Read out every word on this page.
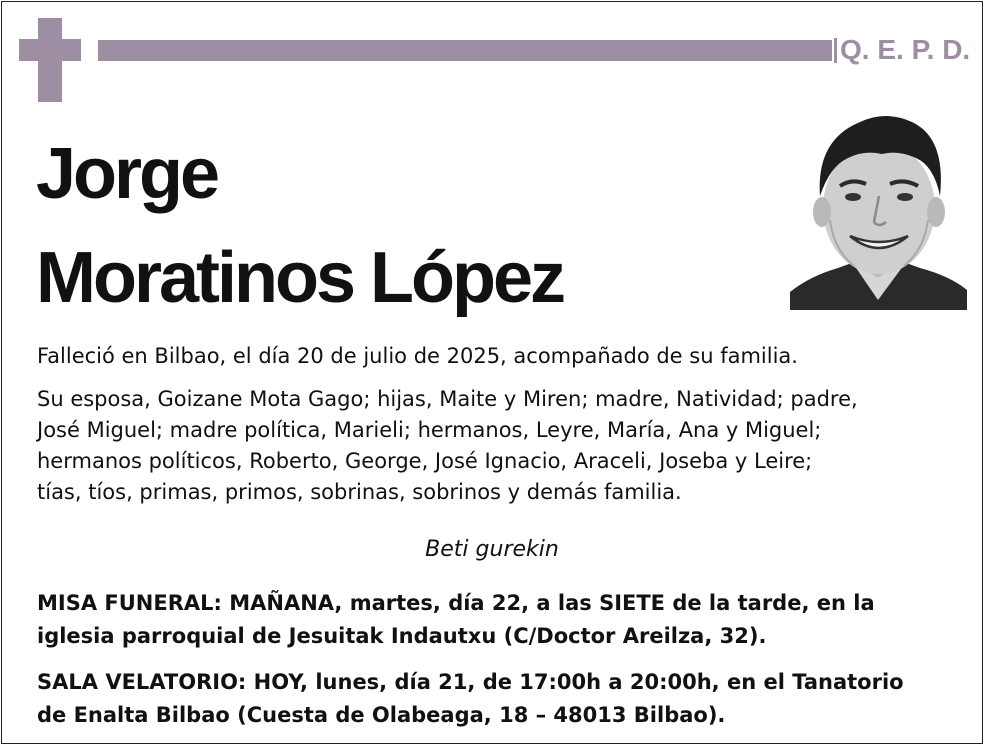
Q. E. P. D.
Jorge
Moratinos López

Falleció en Bilbao, el día 20 de julio de 2025, acompañado de su familia.

Su esposa, Goizane Mota Gago; hijas, Maite y Miren; madre, Natividad; padre,
José Miguel; madre política, Marieli; hermanos, Leyre, María, Ana y Miguel;
hermanos políticos, Roberto, George, José Ignacio, Araceli, Joseba y Leire;
tías, tíos, primas, primos, sobrinas, sobrinos y demás familia.
Beti gurekin
MISA FUNERAL: MAÑANA, martes, día 22, a las SIETE de la tarde, en la
iglesia parroquial de Jesuitak Indautxu (C/Doctor Areilza, 32).
SALA VELATORIO: HOY, lunes, día 21, de 17:00h a 20:00h, en el Tanatorio
de Enalta Bilbao (Cuesta de Olabeaga, 18 – 48013 Bilbao).
